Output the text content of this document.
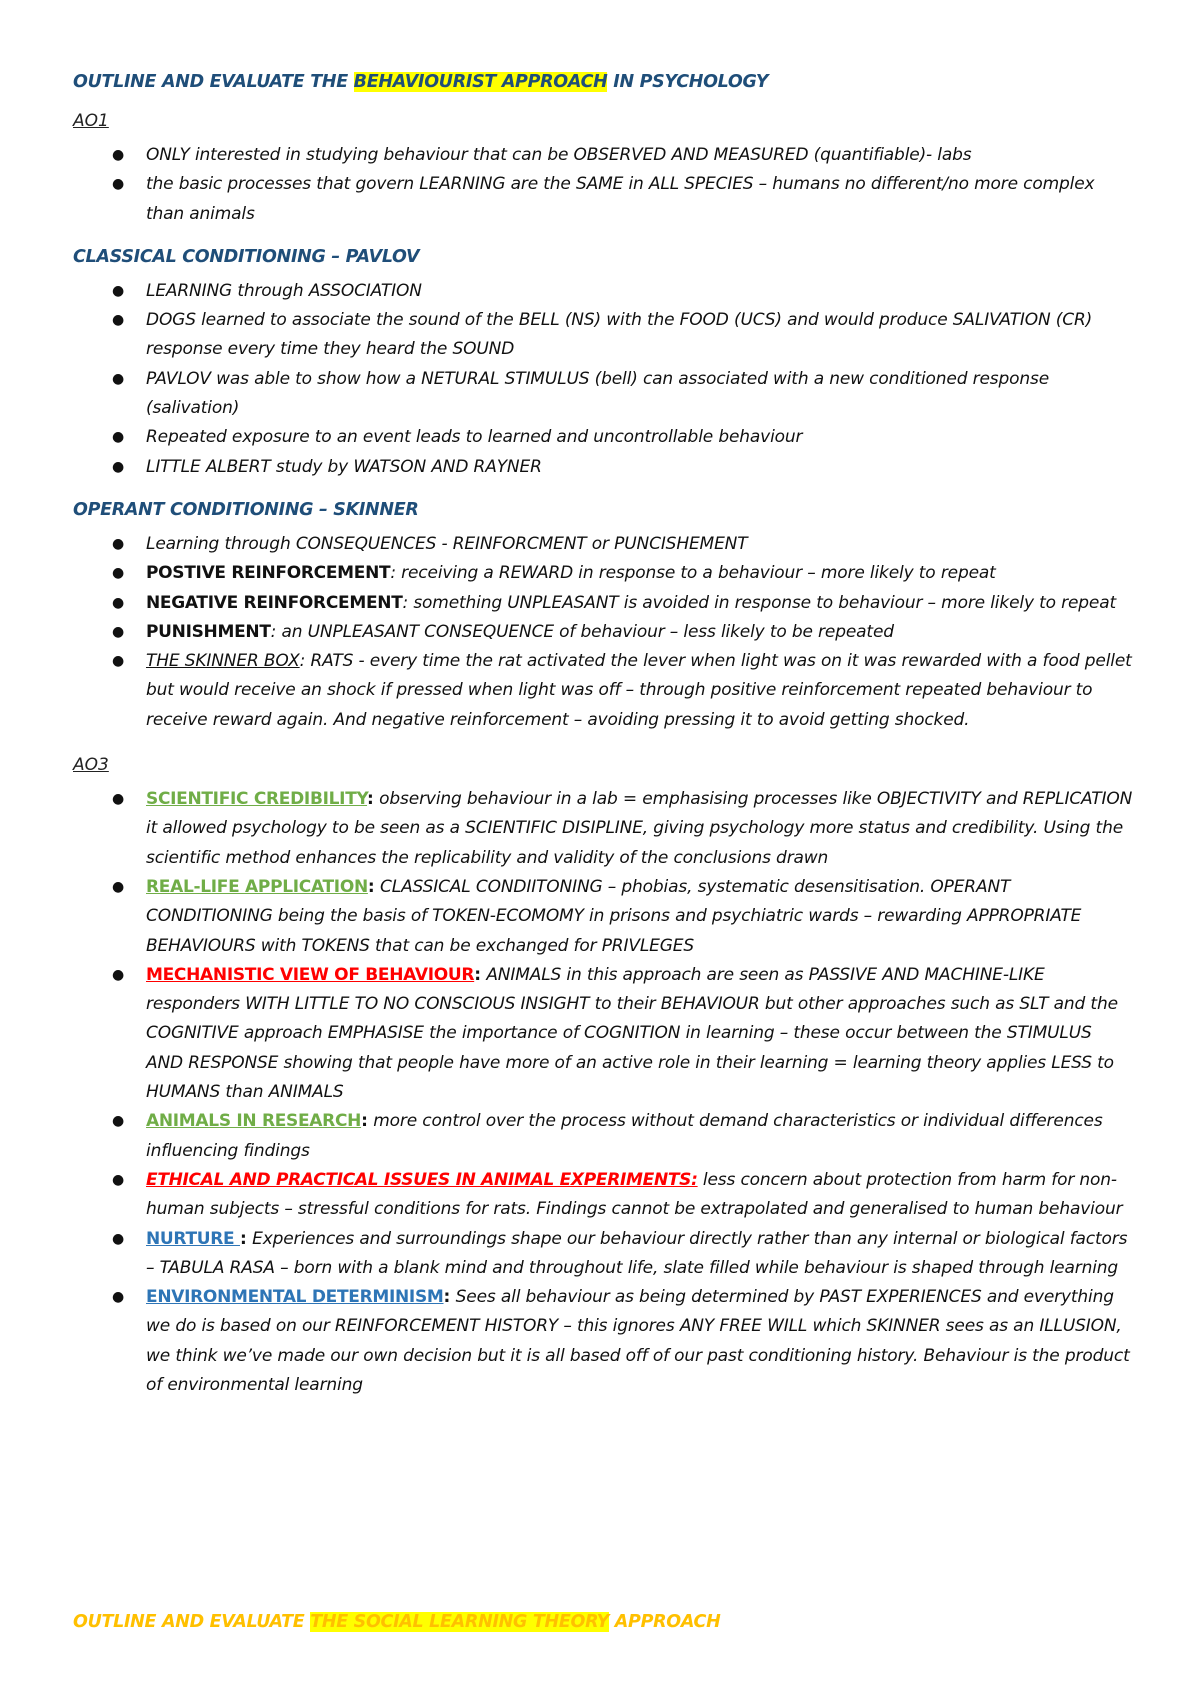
OUTLINE AND EVALUATE THE BEHAVIOURIST APPROACH IN PSYCHOLOGY
AO1
● ONLY interested in studying behaviour that can be OBSERVED AND MEASURED (quantifiable)- labs
● the basic processes that govern LEARNING are the SAME in ALL SPECIES – humans no different/no more complex than animals
CLASSICAL CONDITIONING – PAVLOV
● LEARNING through ASSOCIATION
● DOGS learned to associate the sound of the BELL (NS) with the FOOD (UCS) and would produce SALIVATION (CR) response every time they heard the SOUND
● PAVLOV was able to show how a NETURAL STIMULUS (bell) can associated with a new conditioned response (salivation)
● Repeated exposure to an event leads to learned and uncontrollable behaviour
● LITTLE ALBERT study by WATSON AND RAYNER
OPERANT CONDITIONING – SKINNER
● Learning through CONSEQUENCES - REINFORCMENT or PUNCISHEMENT
● POSTIVE REINFORCEMENT: receiving a REWARD in response to a behaviour – more likely to repeat
● NEGATIVE REINFORCEMENT: something UNPLEASANT is avoided in response to behaviour – more likely to repeat
● PUNISHMENT: an UNPLEASANT CONSEQUENCE of behaviour – less likely to be repeated
● THE SKINNER BOX: RATS - every time the rat activated the lever when light was on it was rewarded with a food pellet but would receive an shock if pressed when light was off – through positive reinforcement repeated behaviour to receive reward again. And negative reinforcement – avoiding pressing it to avoid getting shocked.
AO3
● SCIENTIFIC CREDIBILITY: observing behaviour in a lab = emphasising processes like OBJECTIVITY and REPLICATION it allowed psychology to be seen as a SCIENTIFIC DISIPLINE, giving psychology more status and credibility. Using the scientific method enhances the replicability and validity of the conclusions drawn
● REAL-LIFE APPLICATION: CLASSICAL CONDIITONING – phobias, systematic desensitisation. OPERANT CONDITIONING being the basis of TOKEN-ECOMOMY in prisons and psychiatric wards – rewarding APPROPRIATE BEHAVIOURS with TOKENS that can be exchanged for PRIVLEGES
● MECHANISTIC VIEW OF BEHAVIOUR: ANIMALS in this approach are seen as PASSIVE AND MACHINE-LIKE responders WITH LITTLE TO NO CONSCIOUS INSIGHT to their BEHAVIOUR but other approaches such as SLT and the COGNITIVE approach EMPHASISE the importance of COGNITION in learning – these occur between the STIMULUS AND RESPONSE showing that people have more of an active role in their learning = learning theory applies LESS to HUMANS than ANIMALS
● ANIMALS IN RESEARCH: more control over the process without demand characteristics or individual differences influencing findings
● ETHICAL AND PRACTICAL ISSUES IN ANIMAL EXPERIMENTS: less concern about protection from harm for non-human subjects – stressful conditions for rats. Findings cannot be extrapolated and generalised to human behaviour
● NURTURE : Experiences and surroundings shape our behaviour directly rather than any internal or biological factors – TABULA RASA – born with a blank mind and throughout life, slate filled while behaviour is shaped through learning
● ENVIRONMENTAL DETERMINISM: Sees all behaviour as being determined by PAST EXPERIENCES and everything we do is based on our REINFORCEMENT HISTORY – this ignores ANY FREE WILL which SKINNER sees as an ILLUSION, we think we’ve made our own decision but it is all based off of our past conditioning history. Behaviour is the product of environmental learning
OUTLINE AND EVALUATE THE SOCIAL LEARNING THEORY APPROACH
